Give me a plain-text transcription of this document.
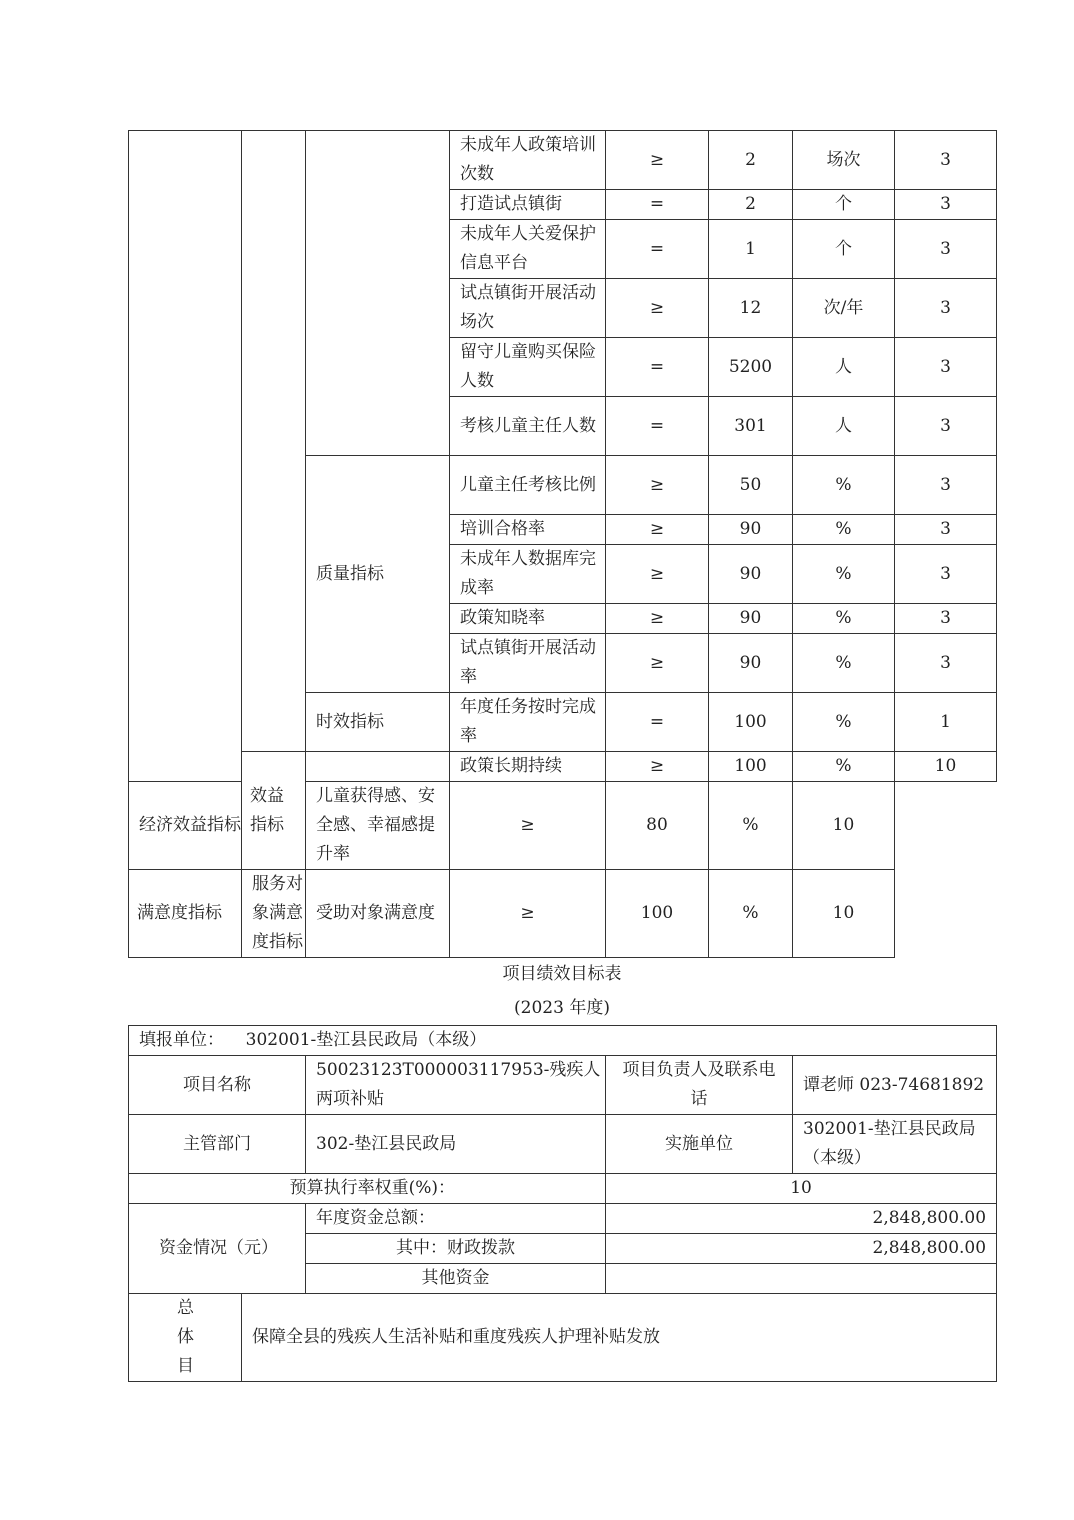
			未成年人政策培训次数	≥	2	场次	3
			打造试点镇街	=	2	个	3
			未成年人关爱保护信息平台	=	1	个	3
			试点镇街开展活动场次	≥	12	次/年	3
			留守儿童购买保险人数	=	5200	人	3
			考核儿童主任人数	=	301	人	3
		质量指标	儿童主任考核比例	≥	50	%	3
			培训合格率	≥	90	%	3
			未成年人数据库完成率	≥	90	%	3
			政策知晓率	≥	90	%	3
			试点镇街开展活动率	≥	90	%	3
		时效指标	年度任务按时完成率	=	100	%	1
	效益指标		政策长期持续	≥	100	%	10
经济效益指标		儿童获得感、安全感、幸福感提升率	≥	80	%	10	
满意度指标	服务对象满意度指标	受助对象满意度	≥	100	%	10	
项目绩效目标表
(2023 年度)
填报单位： 302001-垫江县民政局（本级）				
项目名称		50023123T000003117953-残疾人两项补贴	项目负责人及联系电话	谭老师 023-74681892
主管部门		302-垫江县民政局	实施单位	302001-垫江县民政局（本级）
预算执行率权重(%)：			10	
资金情况（元）		年度资金总额：	2,848,800.00	
		其中：财政拨款	2,848,800.00	
		其他资金		
总体目	保障全县的残疾人生活补贴和重度残疾人护理补贴发放			
